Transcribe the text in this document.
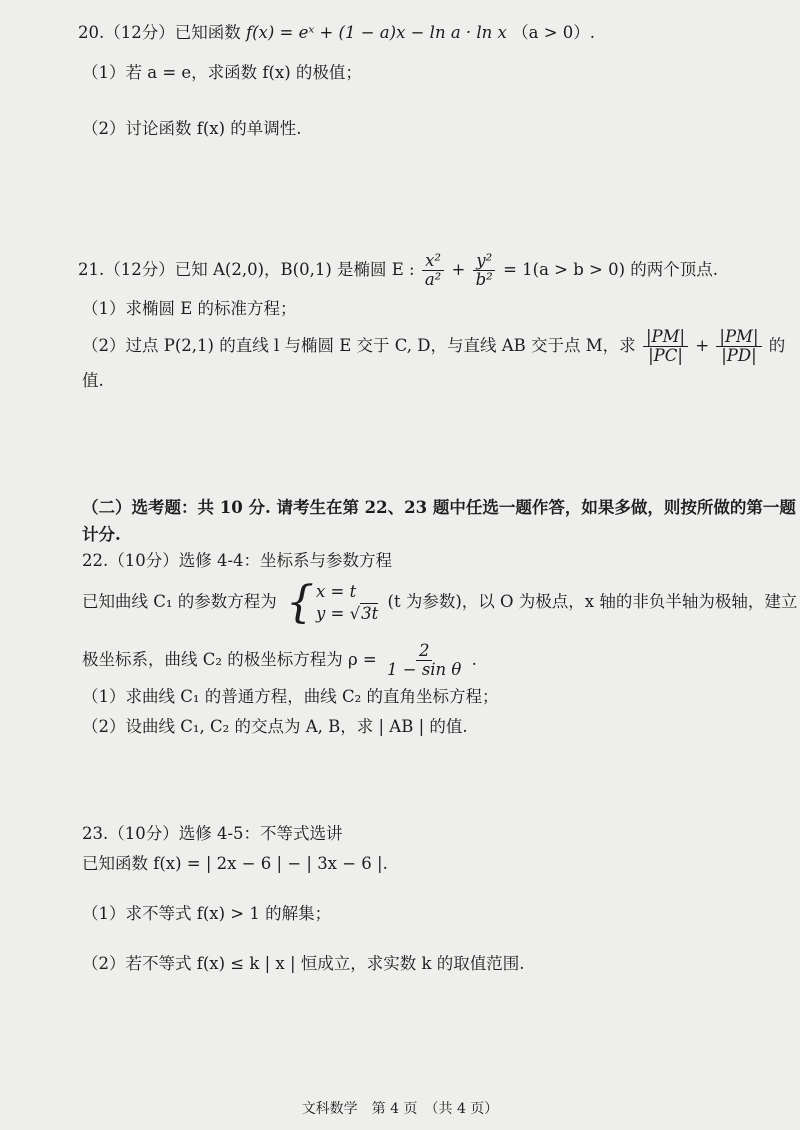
20.（12分）已知函数 f(x) = eˣ + (1 − a)x − ln a · ln x （a > 0）.
（1）若 a = e，求函数 f(x) 的极值；
（2）讨论函数 f(x) 的单调性.
21.（12分）已知 A(2,0)，B(0,1) 是椭圆 E : $\frac{\text{x²}}{\text{a²}} + \frac{\text{y²}}{\text{b²}} = 1(a > b > 0)$ 的两个顶点.
（1）求椭圆 E 的标准方程；
（2）过点 P(2,1) 的直线 l 与椭圆 E 交于 C, D，与直线 AB 交于点 M，求 $\frac{|PM|}{|PC|} + \frac{|PM|}{|PD|}$ 的
值.
（二）选考题：共 10 分. 请考生在第 22、23 题中任选一题作答，如果多做，则按所做的第一题
计分.
22.（10分）选修 4-4：坐标系与参数方程
已知曲线 C₁ 的参数方程为 { x = t
y = √3t
(t 为参数)，以 O 为极点，x 轴的非负半轴为极轴，建立
极坐标系，曲线 C₂ 的极坐标方程为 $\rho = \frac{2}{\text{1 − sin θ}}$ .
（1）求曲线 C₁ 的普通方程，曲线 C₂ 的直角坐标方程；
（2）设曲线 C₁, C₂ 的交点为 A, B，求 | AB | 的值.
23.（10分）选修 4-5：不等式选讲
已知函数 f(x) = | 2x − 6 | − | 3x − 6 |.
（1）求不等式 f(x) > 1 的解集；
（2）若不等式 f(x) ≤ k | x | 恒成立，求实数 k 的取值范围.
文科数学　第 4 页　（共 4 页）
